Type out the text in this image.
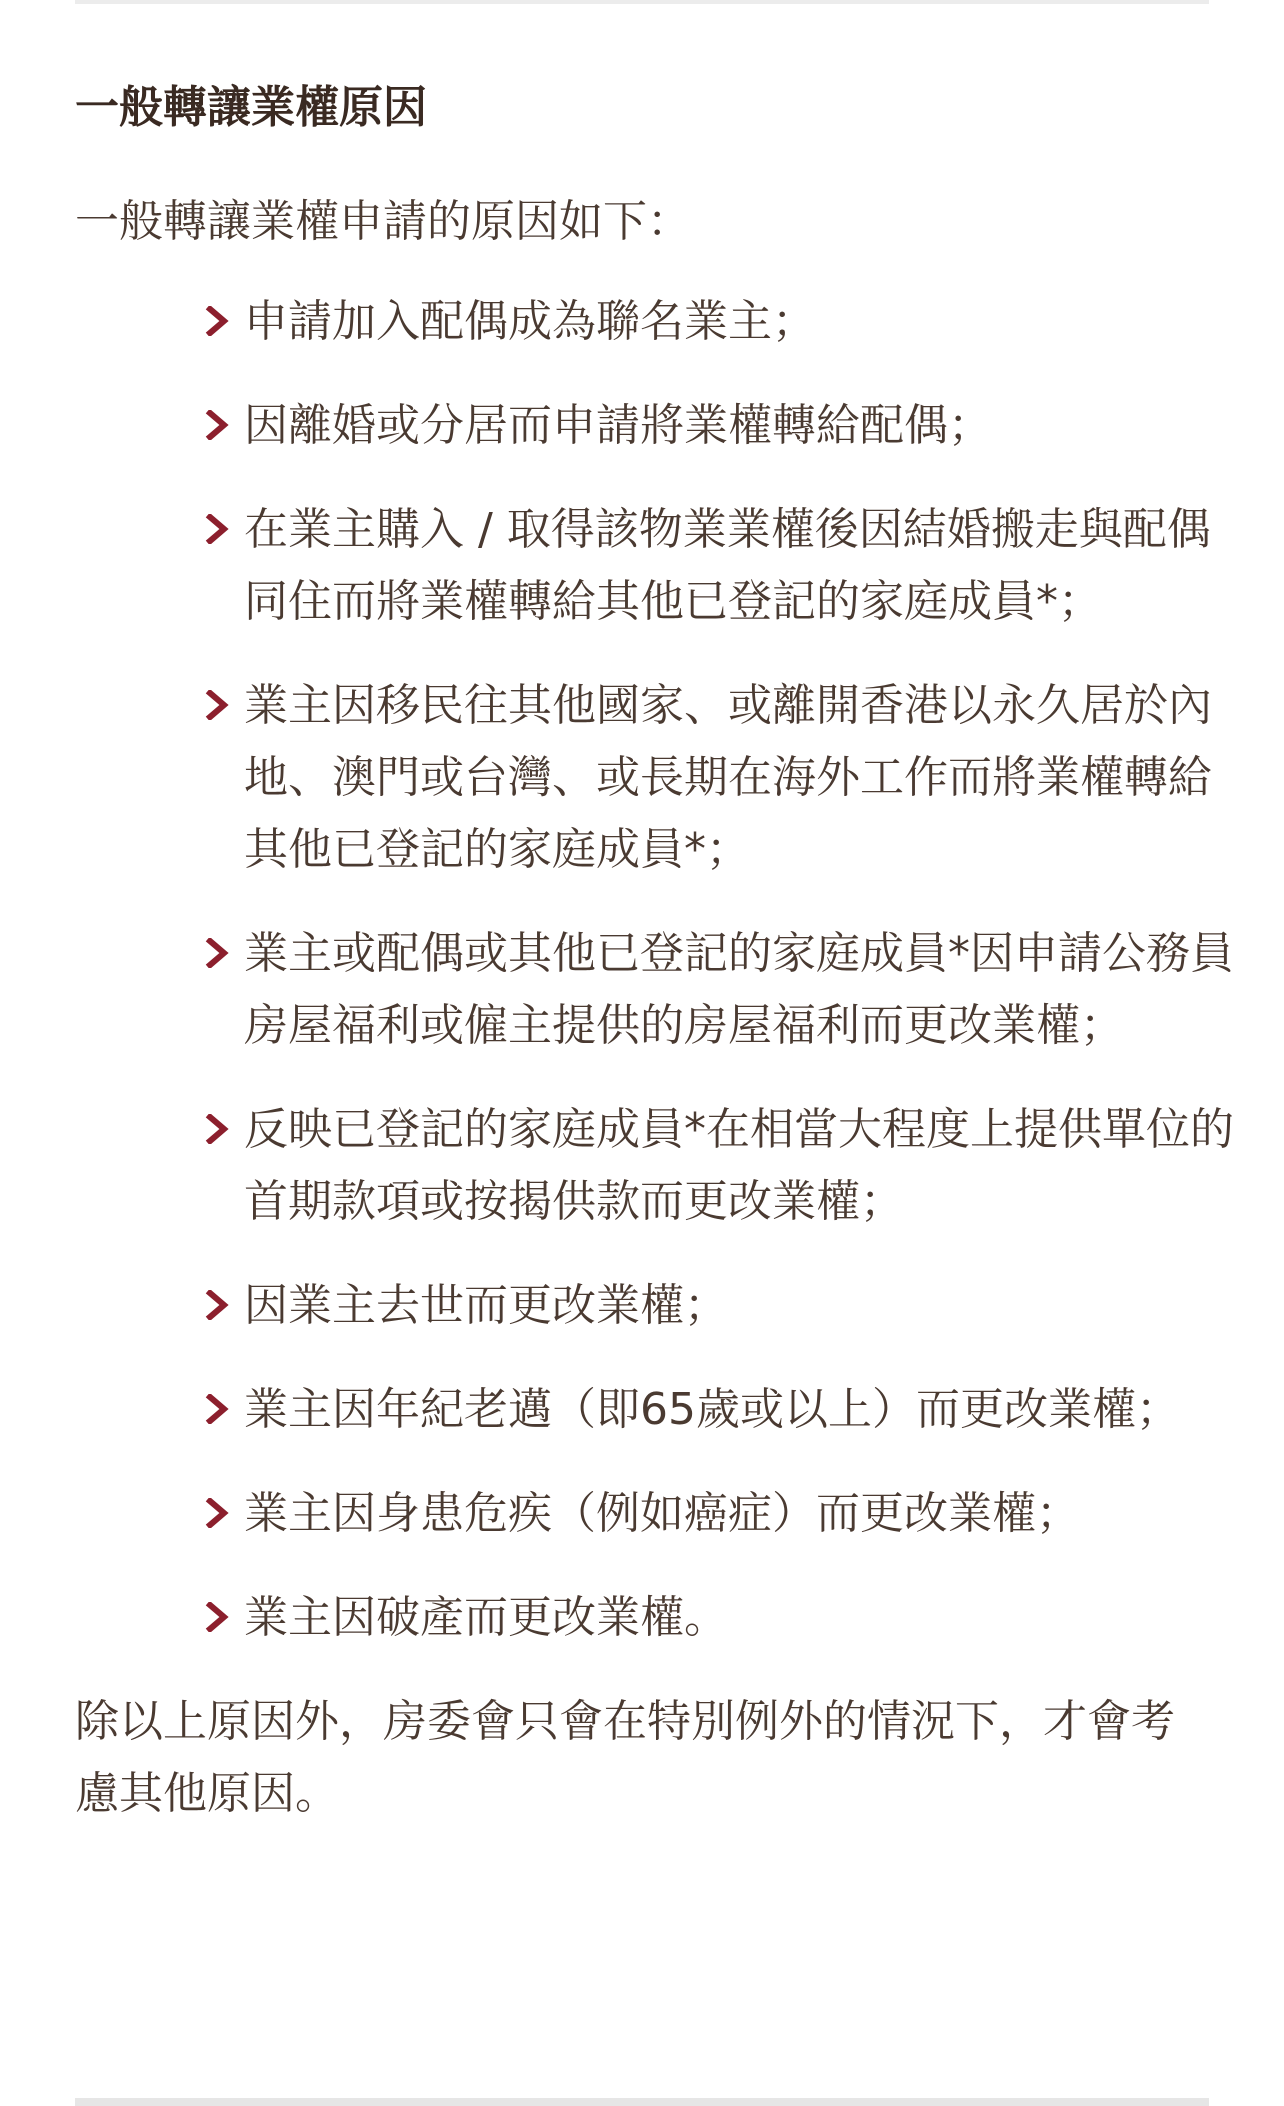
一般轉讓業權原因

一般轉讓業權申請的原因如下：

申請加入配偶成為聯名業主；
因離婚或分居而申請將業權轉給配偶；
在業主購入 / 取得該物業業權後因結婚搬走與配偶同住而將業權轉給其他已登記的家庭成員*；
業主因移民往其他國家、或離開香港以永久居於內地、澳門或台灣、或長期在海外工作而將業權轉給其他已登記的家庭成員*；
業主或配偶或其他已登記的家庭成員*因申請公務員房屋福利或僱主提供的房屋福利而更改業權；
反映已登記的家庭成員*在相當大程度上提供單位的首期款項或按揭供款而更改業權；
因業主去世而更改業權；
業主因年紀老邁（即65歲或以上）而更改業權；
業主因身患危疾（例如癌症）而更改業權；
業主因破產而更改業權。

除以上原因外，房委會只會在特別例外的情況下，才會考慮其他原因。
